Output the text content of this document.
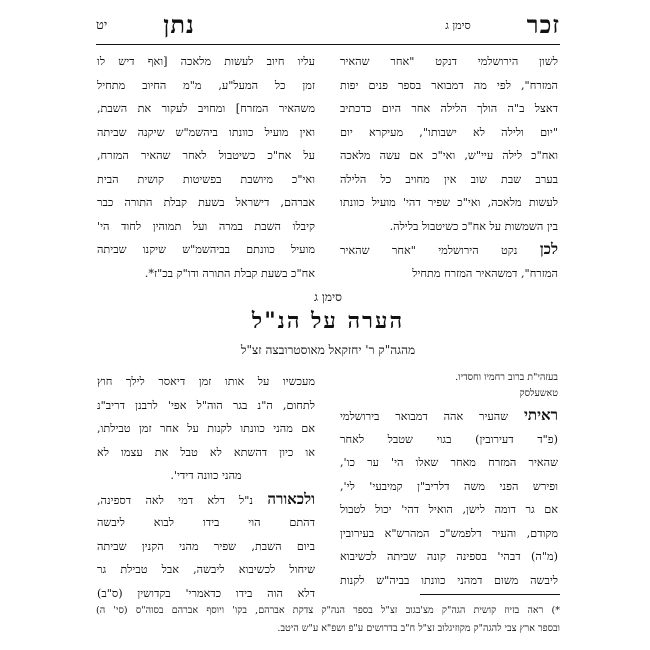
זכר
סימן ג
נתן
יט
לשון הירושלמי דנקט "אחר שהאיר
המזרח", לפי מה דמבואר בספר פנים יפות
דאצל ב"ה הולך הלילה אחר היום כדכתיב
"יום ולילה לא ישבותו", מעיקרא יום
ואח"כ לילה עיי"ש, ואי"כ אם עשה מלאכה
בערב שבת שוב אין מחויב כל הלילה
לעשות מלאכה, ואי"כ שפיר דהי' מועיל כוונתו
בין השמשות על אח"כ כשיטבול בלילה.
לכן נקט הירושלמי "אחר שהאיר
המזרח", דמשהאיר המזרח מתחיל
עליו חיוב לעשות מלאכה [ואף דיש לו
זמן כל המעל"ע, מ"מ החיוב מתחיל
משהאיר המזרח] ומחויב לעקור את השבת,
ואין מועיל כוונתו ביהשמ"ש שיקנה שביתה
על אח"כ כשיטבול לאחר שהאיר המזרח,
ואי"כ מיושבת בפשיטות קושית הבית
אברהם, דישראל בשעת קבלת התורה כבר
קיבלו השבת במרה ועל תמוהין לחוד הי'
מועיל כוונתם בביהשמ"ש שיקנו שביתה
אח"כ בשעת קבלת התורה ודו"ק בכ"ז*.
סימן ג
הערה על הנ"ל
מהגה"ק ר' יחזקאל מאוסטרובצה זצ"ל
בעזהי"ת ברוב רחמיו וחסדיו.
טאשעלסק
ראיתי שהעיר אהה דמבואר בירושלמי
(פ"ד דעירובין) בגוי שטבל לאחר
שהאיר המזרח מאחר שאלו הי' ער כו',
ופירש הפני משה דלריב"ן קמיבעי' לי',
אם גר דומה לישן, הואיל דהי' יכול לטבול
מקודם, והעיר דלפמש"כ המהרש"א בעירובין
(מ"ה) דבהי' בספינה קונה שביתה לכשיבוא
ליבשה משום דמהני כוונתו בביה"ש לקנות
מעכשיו על אותו זמן דיאסר לילך חוץ
לתחום, ה"נ בגר הוה"ל אפי' לרבנן דריב"נ
אם מהני כוונתו לקנות על אחר זמן טבילתו,
או כיון דהשתא לא טבל את עצמו לא
מהני כוונה דידי'.
ולכאורה נ"ל דלא דמי לאה דספינה,
דהתם הוי בידו לבוא ליבשה
ביום השבת, שפיר מהני הקנין שביתה
שיחול לכשיבוא ליבשה, אבל טבילת גר
דלא הוה בידו כדאמרי' בקדושין (ס"ב)
*) ראה בזיוז קושית הגה"ק מצ'בגוב זצ"ל בספר הנה"ק צדקת אברהם, בקו' ויוסף אברהם בסוה"ס (סי' ה)
ובספר ארץ צבי להגה"ק מקוזיגלוב זצ"ל ח"ב בדרושים ע"פ ושפ"א ע"ש היטב.
